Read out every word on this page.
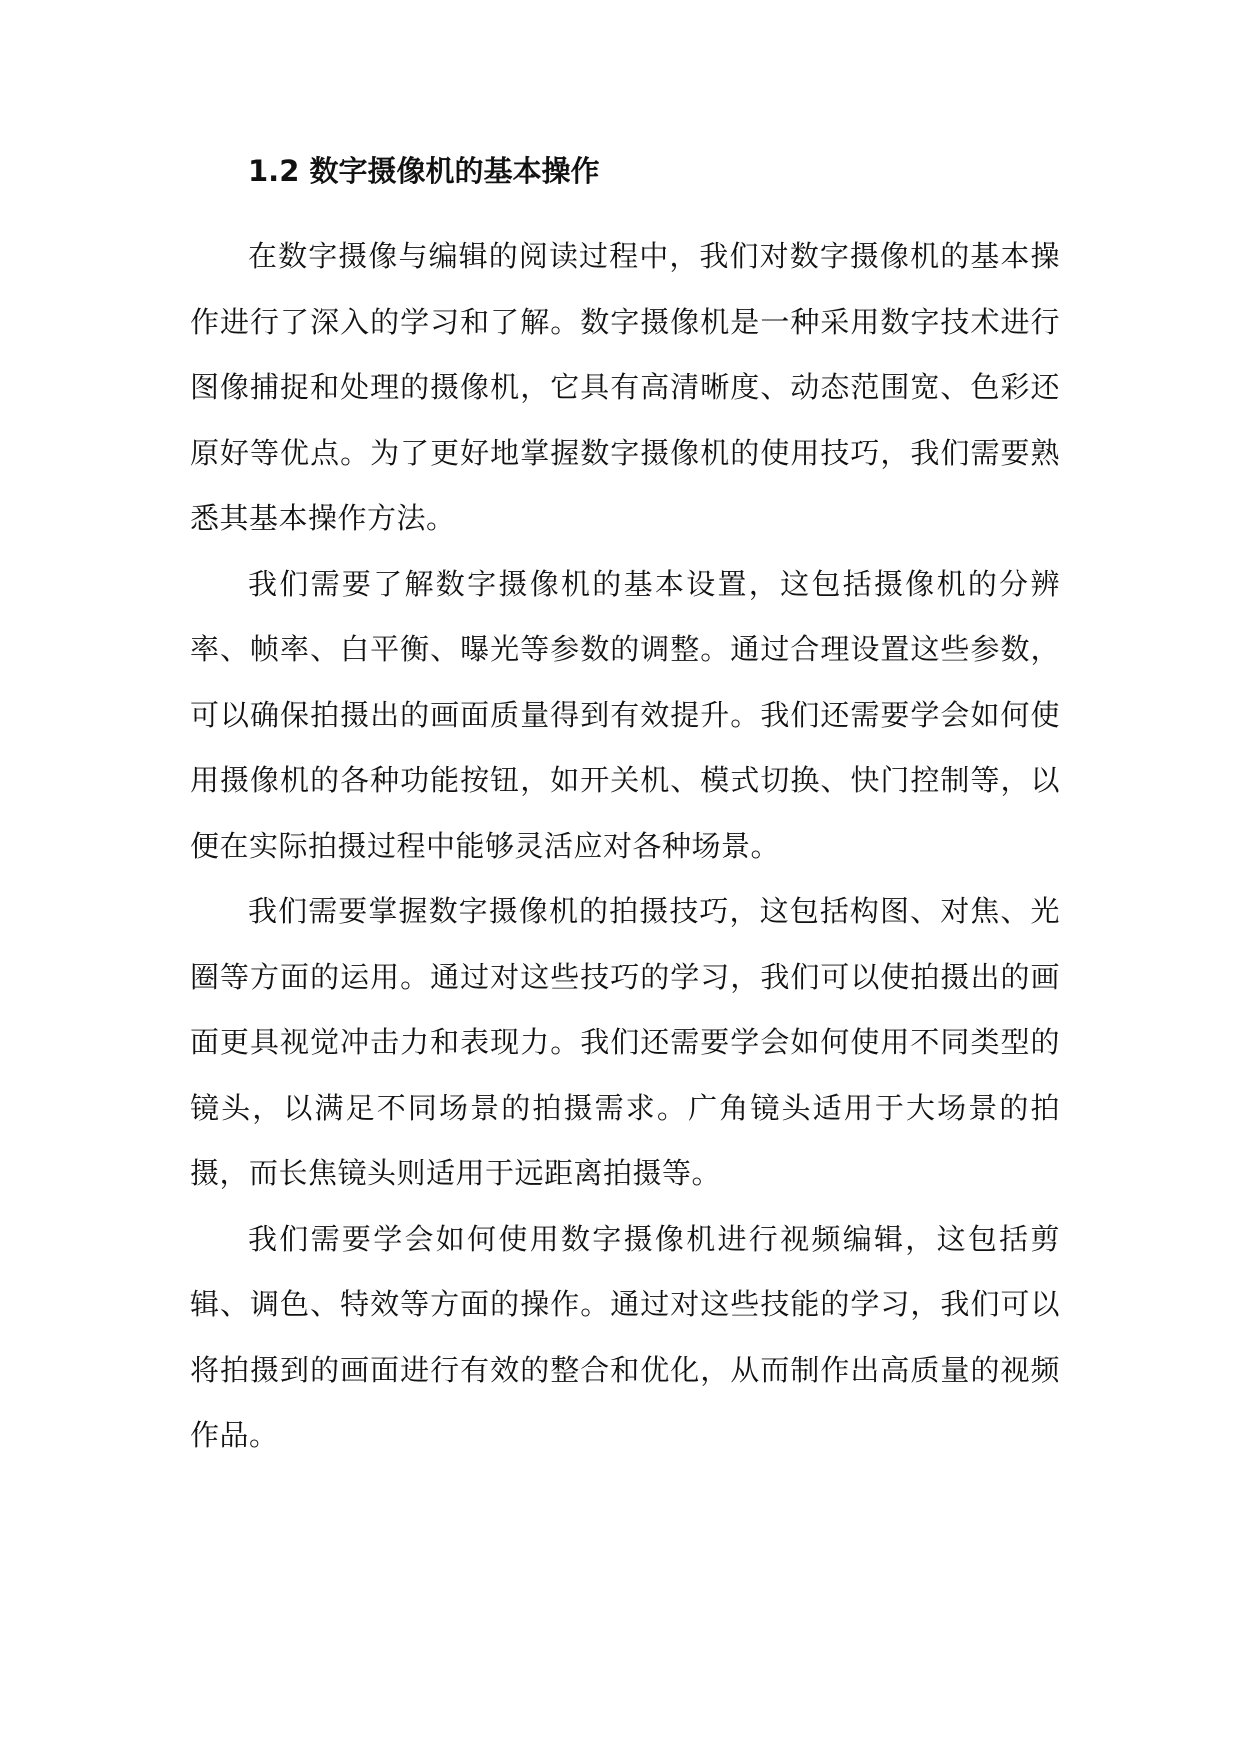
1.2 数字摄像机的基本操作

在数字摄像与编辑的阅读过程中，我们对数字摄像机的基本操作进行了深入的学习和了解。数字摄像机是一种采用数字技术进行图像捕捉和处理的摄像机，它具有高清晰度、动态范围宽、色彩还原好等优点。为了更好地掌握数字摄像机的使用技巧，我们需要熟悉其基本操作方法。

我们需要了解数字摄像机的基本设置，这包括摄像机的分辨率、帧率、白平衡、曝光等参数的调整。通过合理设置这些参数，可以确保拍摄出的画面质量得到有效提升。我们还需要学会如何使用摄像机的各种功能按钮，如开关机、模式切换、快门控制等，以便在实际拍摄过程中能够灵活应对各种场景。

我们需要掌握数字摄像机的拍摄技巧，这包括构图、对焦、光圈等方面的运用。通过对这些技巧的学习，我们可以使拍摄出的画面更具视觉冲击力和表现力。我们还需要学会如何使用不同类型的镜头，以满足不同场景的拍摄需求。广角镜头适用于大场景的拍摄，而长焦镜头则适用于远距离拍摄等。

我们需要学会如何使用数字摄像机进行视频编辑，这包括剪辑、调色、特效等方面的操作。通过对这些技能的学习，我们可以将拍摄到的画面进行有效的整合和优化，从而制作出高质量的视频作品。
